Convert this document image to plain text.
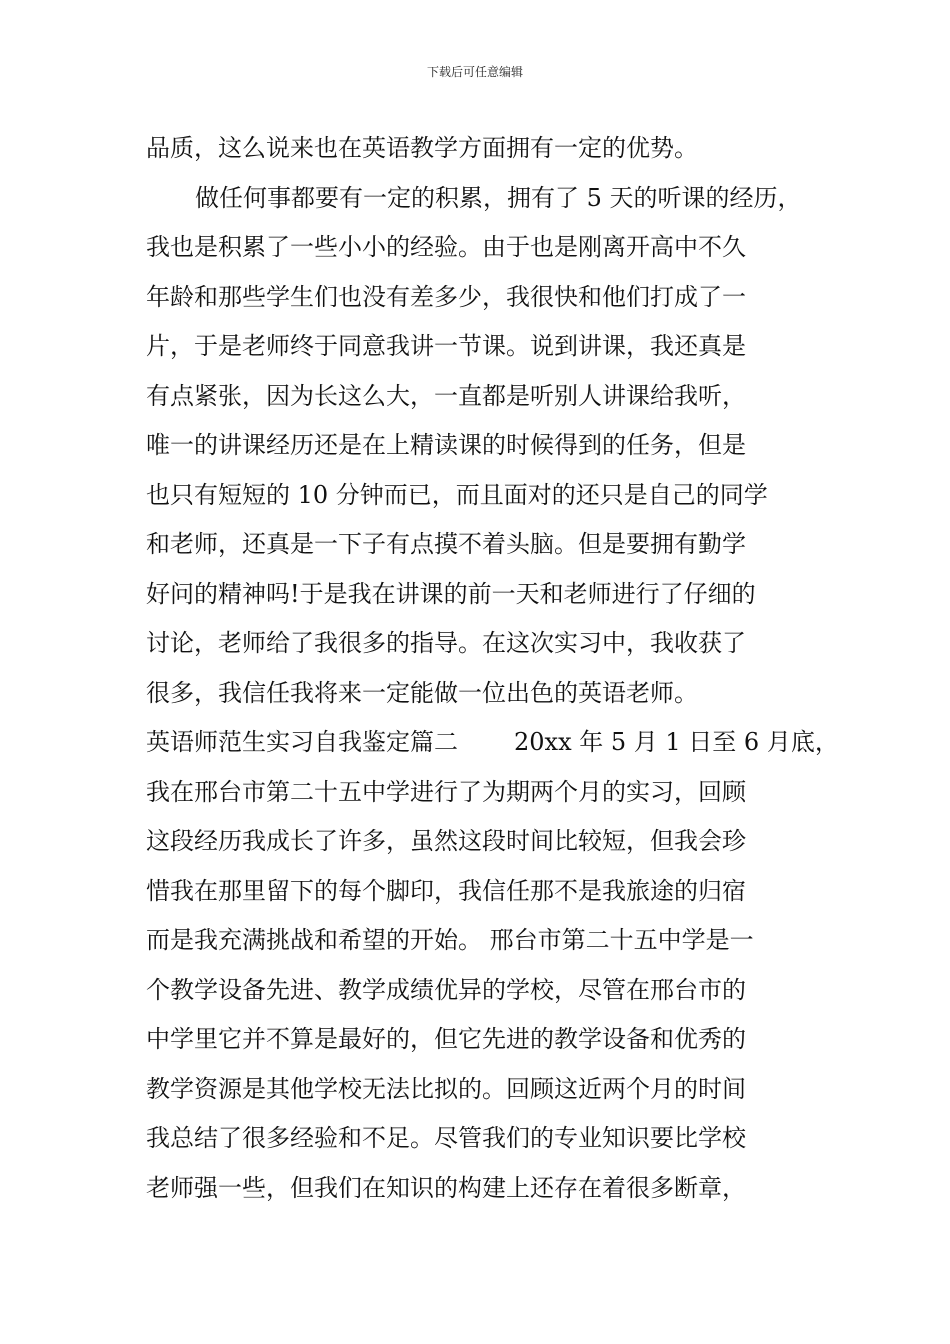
下载后可任意编辑
品质，这么说来也在英语教学方面拥有一定的优势。
做任何事都要有一定的积累，拥有了 5 天的听课的经历，
我也是积累了一些小小的经验。由于也是刚离开高中不久
年龄和那些学生们也没有差多少，我很快和他们打成了一
片，于是老师终于同意我讲一节课。说到讲课，我还真是
有点紧张，因为长这么大，一直都是听别人讲课给我听，
唯一的讲课经历还是在上精读课的时候得到的任务，但是
也只有短短的 10 分钟而已，而且面对的还只是自己的同学
和老师，还真是一下子有点摸不着头脑。但是要拥有勤学
好问的精神吗!于是我在讲课的前一天和老师进行了仔细的
讨论，老师给了我很多的指导。在这次实习中，我收获了
很多，我信任我将来一定能做一位出色的英语老师。
英语师范生实习自我鉴定篇二 20xx 年 5 月 1 日至 6 月底，
我在邢台市第二十五中学进行了为期两个月的实习，回顾
这段经历我成长了许多，虽然这段时间比较短，但我会珍
惜我在那里留下的每个脚印，我信任那不是我旅途的归宿
而是我充满挑战和希望的开始。 邢台市第二十五中学是一
个教学设备先进、教学成绩优异的学校，尽管在邢台市的
中学里它并不算是最好的，但它先进的教学设备和优秀的
教学资源是其他学校无法比拟的。回顾这近两个月的时间
我总结了很多经验和不足。尽管我们的专业知识要比学校
老师强一些，但我们在知识的构建上还存在着很多断章，
